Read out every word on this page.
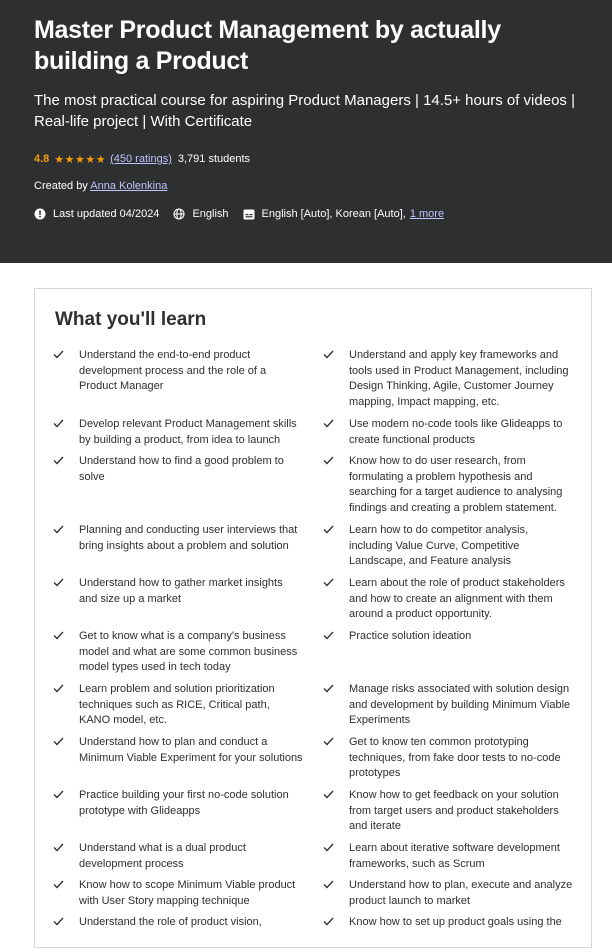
Master Product Management by actually building a Product
The most practical course for aspiring Product Managers | 14.5+ hours of videos | Real-life project | With Certificate
4.8 ★★★★★ (450 ratings) 3,791 students
Created by Anna Kolenkina
Last updated 04/2024	English	English [Auto], Korean [Auto], 1 more
What you'll learn
Understand the end-to-end product development process and the role of a Product Manager
Develop relevant Product Management skills by building a product, from idea to launch
Understand how to find a good problem to solve
Planning and conducting user interviews that bring insights about a problem and solution
Understand how to gather market insights and size up a market
Get to know what is a company's business model and what are some common business model types used in tech today
Learn problem and solution prioritization techniques such as RICE, Critical path, KANO model, etc.
Understand how to plan and conduct a Minimum Viable Experiment for your solutions
Practice building your first no-code solution prototype with Glideapps
Understand what is a dual product development process
Know how to scope Minimum Viable product with User Story mapping technique
Understand the role of product vision,
Understand and apply key frameworks and tools used in Product Management, including Design Thinking, Agile, Customer Journey mapping, Impact mapping, etc.
Use modern no-code tools like Glideapps to create functional products
Know how to do user research, from formulating a problem hypothesis and searching for a target audience to analysing findings and creating a problem statement.
Learn how to do competitor analysis, including Value Curve, Competitive Landscape, and Feature analysis
Learn about the role of product stakeholders and how to create an alignment with them around a product opportunity.
Practice solution ideation
Manage risks associated with solution design and development by building Minimum Viable Experiments
Get to know ten common prototyping techniques, from fake door tests to no-code prototypes
Know how to get feedback on your solution from target users and product stakeholders and iterate
Learn about iterative software development frameworks, such as Scrum
Understand how to plan, execute and analyze product launch to market
Know how to set up product goals using the
